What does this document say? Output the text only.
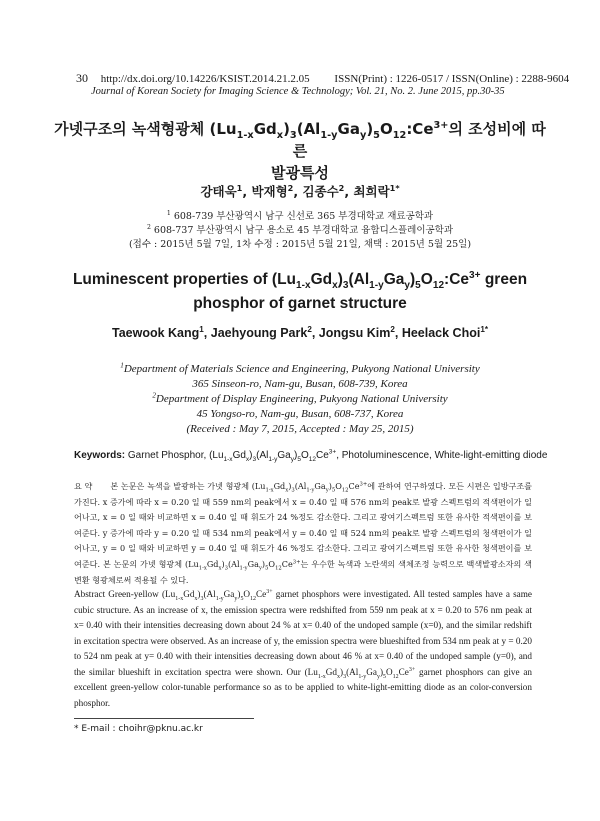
30 http://dx.doi.org/10.14226/KSIST.2014.21.2.05 ISSN(Print) : 1226-0517 / ISSN(Online) : 2288-9604
Journal of Korean Society for Imaging Science & Technology; Vol. 21, No. 2. June 2015, pp.30-35
가넷구조의 녹색형광체 $(Lu_{1-x}Gd_x)_3(Al_{1-y}Ga_y)_5O_{12}:Ce^{3+}$의 조성비에 따른
발광특성
강태욱$^1$, 박재형$^2$, 김종수$^2$, 최희락$^{1*}$
$^1$ 608-739 부산광역시 남구 신선로 365 부경대학교 재료공학과
$^2$ 608-737 부산광역시 남구 용소로 45 부경대학교 융합디스플레이공학과
(접수 : 2015년 5월 7일, 1차 수정 : 2015년 5월 21일, 채택 : 2015년 5월 25일)
Luminescent properties of $(Lu_{1-x}Gd_x)_3(Al_{1-y}Ga_y)_5O_{12}:Ce^{3+}$ green
phosphor of garnet structure
Taewook Kang$^1$, Jaehyoung Park$^2$, Jongsu Kim$^2$, Heelack Choi$^{1*}$
$^1$Department of Materials Science and Engineering, Pukyong National University
365 Sinseon-ro, Nam-gu, Busan, 608-739, Korea
$^2$Department of Display Engineering, Pukyong National University
45 Yongso-ro, Nam-gu, Busan, 608-737, Korea
(Received : May 7, 2015, Accepted : May 25, 2015)
Keywords: Garnet Phosphor, $(Lu_{1-x}Gd_x)_3(Al_{1-y}Ga_y)_5O_{12}Ce^{3+}$, Photoluminescence, White-light-emitting diode
요 약 본 논문은 녹색을 발광하는 가넷 형광체 $(Lu_{1-x}Gd_x)_3(Al_{1-y}Ga_y)_5O_{12}Ce^{3+}$에 관하여 연구하였다. 모든 시편은 입방구조를 가진다. x 증가에 따라 x = 0.20 일 때 559 nm의 peak에서 x = 0.40 일 때 576 nm의 peak로 발광 스펙트럼의 적색편이가 일어나고, x = 0 일 때와 비교하면 x = 0.40 일 때 휘도가 24 %정도 감소한다. 그리고 광여기스펙트럼 또한 유사한 적색편이를 보여준다. y 증가에 따라 y = 0.20 일 때 534 nm의 peak에서 y = 0.40 일 때 524 nm의 peak로 발광 스펙트럼의 청색편이가 일어나고, y = 0 일 때와 비교하면 y = 0.40 일 때 휘도가 46 %정도 감소한다. 그리고 광여기스펙트럼 또한 유사한 청색편이를 보여준다. 본 논문의 가넷 형광체 $(Lu_{1-x}Gd_x)_3(Al_{1-y}Ga_y)_5O_{12}Ce^{3+}$는 우수한 녹색과 노란색의 색체조정 능력으로 백색발광소자의 색변환 형광체로써 적용될 수 있다.
Abstract Green-yellow $(Lu_{1-x}Gd_x)_3(Al_{1-y}Ga_y)_5O_{12}Ce^{3+}$ garnet phosphors were investigated. All tested samples have a same cubic structure. As an increase of x, the emission spectra were redshifted from 559 nm peak at x = 0.20 to 576 nm peak at x= 0.40 with their intensities decreasing down about 24 % at x= 0.40 of the undoped sample (x=0), and the similar redshift in excitation spectra were observed. As an increase of y, the emission spectra were blueshifted from 534 nm peak at y = 0.20 to 524 nm peak at y= 0.40 with their intensities decreasing down about 46 % at x= 0.40 of the undoped sample (y=0), and the similar blueshift in excitation spectra were shown. Our $(Lu_{1-x}Gd_x)_3(Al_{1-y}Ga_y)_5O_{12}Ce^{3+}$ garnet phosphors can give an excellent green-yellow color-tunable performance so as to be applied to white-light-emitting diode as an color-conversion phosphor.
* E-mail : choihr@pknu.ac.kr
